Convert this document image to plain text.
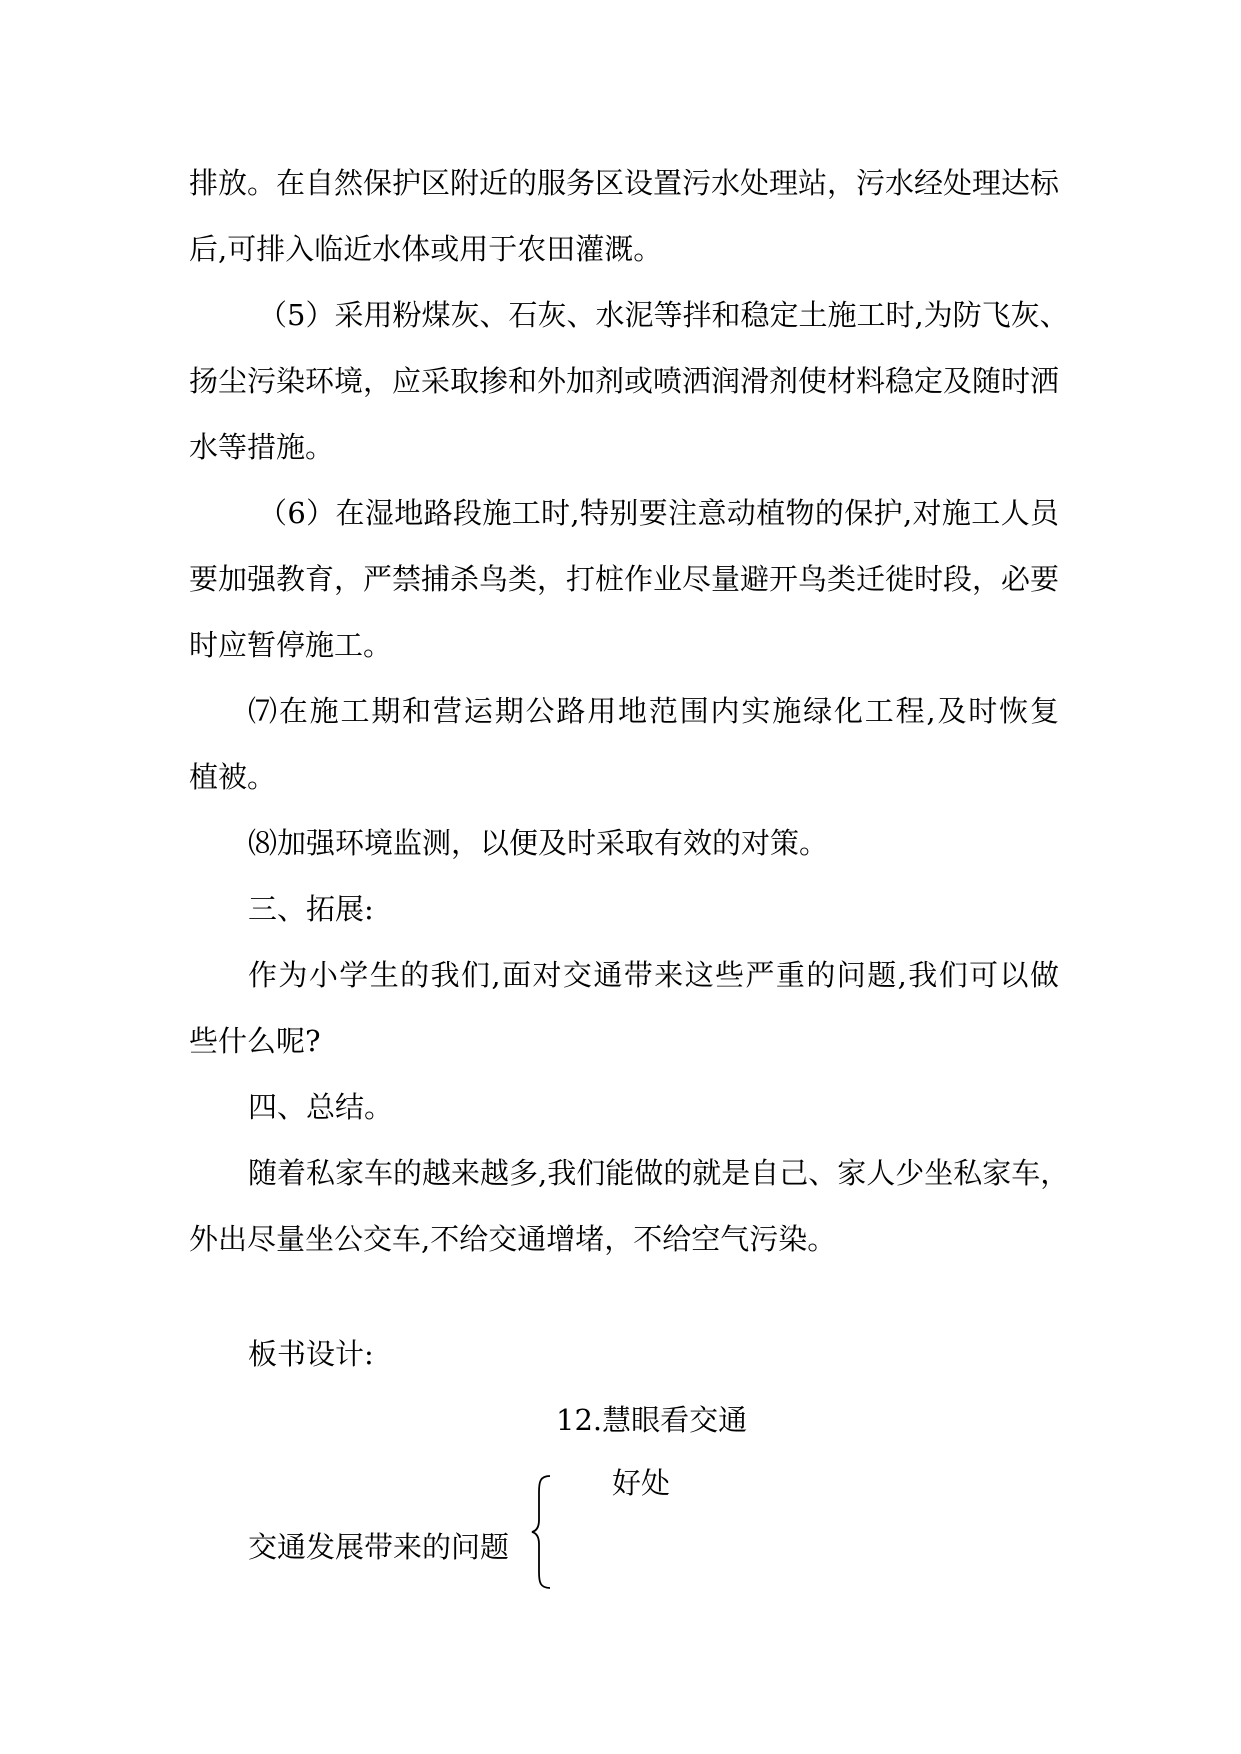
排放。在自然保护区附近的服务区设置污水处理站，污水经处理达标
后,可排入临近水体或用于农田灌溉。
（5）采用粉煤灰、石灰、水泥等拌和稳定土施工时,为防飞灰、
扬尘污染环境，应采取掺和外加剂或喷洒润滑剂使材料稳定及随时洒
水等措施。
（6）在湿地路段施工时,特别要注意动植物的保护,对施工人员
要加强教育，严禁捕杀鸟类，打桩作业尽量避开鸟类迁徙时段，必要
时应暂停施工。
⑺在施工期和营运期公路用地范围内实施绿化工程,及时恢复
植被。
⑻加强环境监测，以便及时采取有效的对策。
三、拓展:
作为小学生的我们,面对交通带来这些严重的问题,我们可以做
些什么呢?
四、总结。
随着私家车的越来越多,我们能做的就是自己、家人少坐私家车，
外出尽量坐公交车,不给交通增堵，不给空气污染。
板书设计:
12.慧眼看交通
好处
交通发展带来的问题
